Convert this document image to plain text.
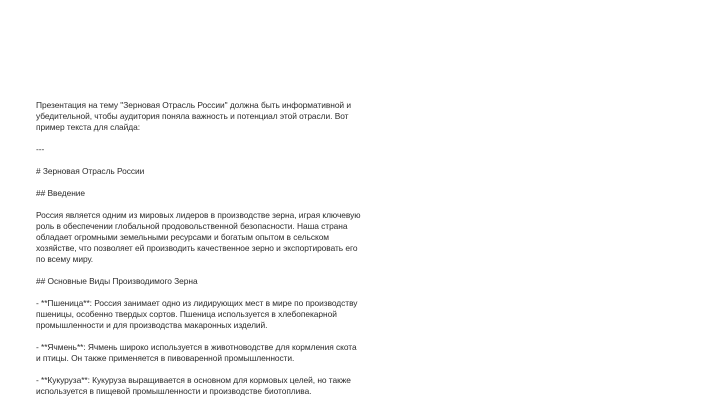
Презентация на тему "Зерновая Отрасль России" должна быть информативной и
убедительной, чтобы аудитория поняла важность и потенциал этой отрасли. Вот
пример текста для слайда:
---
# Зерновая Отрасль России
## Введение
Россия является одним из мировых лидеров в производстве зерна, играя ключевую
роль в обеспечении глобальной продовольственной безопасности. Наша страна
обладает огромными земельными ресурсами и богатым опытом в сельском
хозяйстве, что позволяет ей производить качественное зерно и экспортировать его
по всему миру.
## Основные Виды Производимого Зерна
- **Пшеница**: Россия занимает одно из лидирующих мест в мире по производству
пшеницы, особенно твердых сортов. Пшеница используется в хлебопекарной
промышленности и для производства макаронных изделий.
- **Ячмень**: Ячмень широко используется в животноводстве для кормления скота
и птицы. Он также применяется в пивоваренной промышленности.
- **Кукуруза**: Кукуруза выращивается в основном для кормовых целей, но также
используется в пищевой промышленности и производстве биотоплива.
